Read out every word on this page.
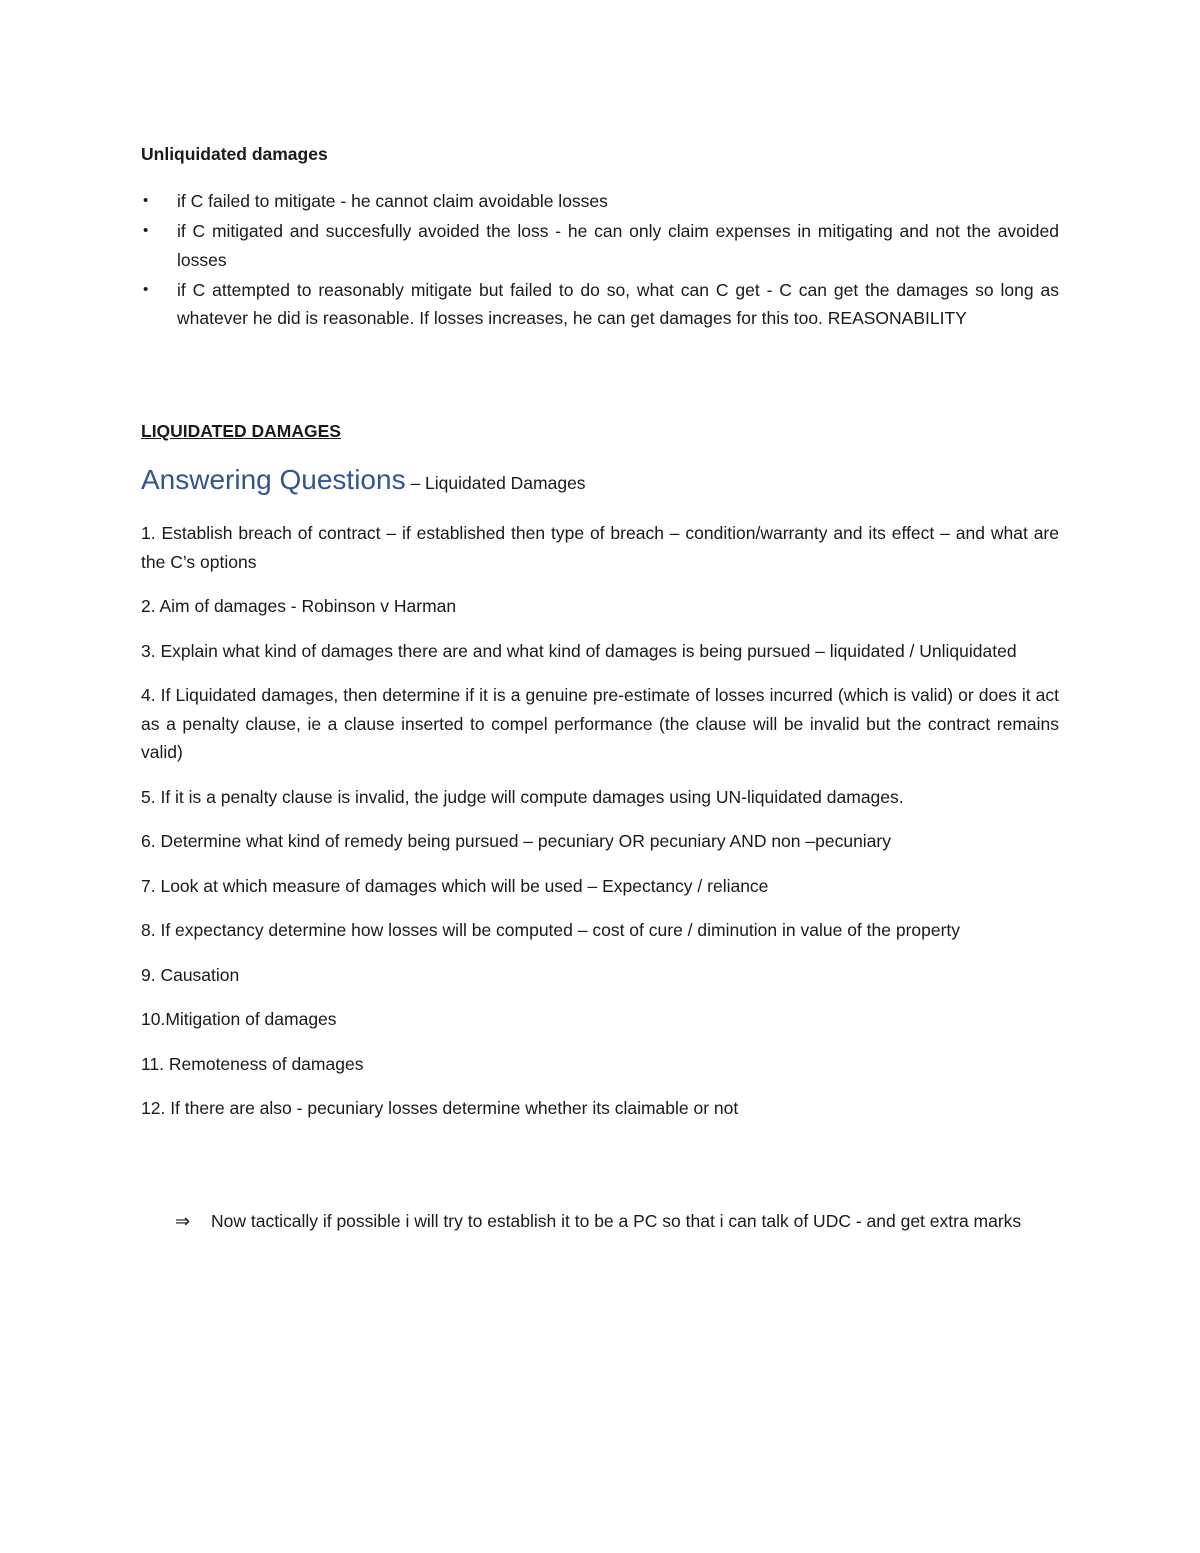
Unliquidated damages
• if C failed to mitigate - he cannot claim avoidable losses
• if C mitigated and succesfully avoided the loss - he can only claim expenses in mitigating and not the avoided losses
• if C attempted to reasonably mitigate but failed to do so, what can C get - C can get the damages so long as whatever he did is reasonable. If losses increases, he can get damages for this too. REASONABILITY
LIQUIDATED DAMAGES
Answering Questions – Liquidated Damages

1. Establish breach of contract – if established then type of breach – condition/warranty and its effect – and what are the C’s options

2. Aim of damages - Robinson v Harman

3. Explain what kind of damages there are and what kind of damages is being pursued – liquidated / Unliquidated

4. If Liquidated damages, then determine if it is a genuine pre-estimate of losses incurred (which is valid) or does it act as a penalty clause, ie a clause inserted to compel performance (the clause will be invalid but the contract remains valid)

5. If it is a penalty clause is invalid, the judge will compute damages using UN-liquidated damages.

6. Determine what kind of remedy being pursued – pecuniary OR pecuniary AND non –pecuniary

7. Look at which measure of damages which will be used – Expectancy / reliance

8. If expectancy determine how losses will be computed – cost of cure / diminution in value of the property

9. Causation

10.Mitigation of damages

11. Remoteness of damages

12. If there are also - pecuniary losses determine whether its claimable or not

⇒	Now tactically if possible i will try to establish it to be a PC so that i can talk of UDC - and get extra marks
